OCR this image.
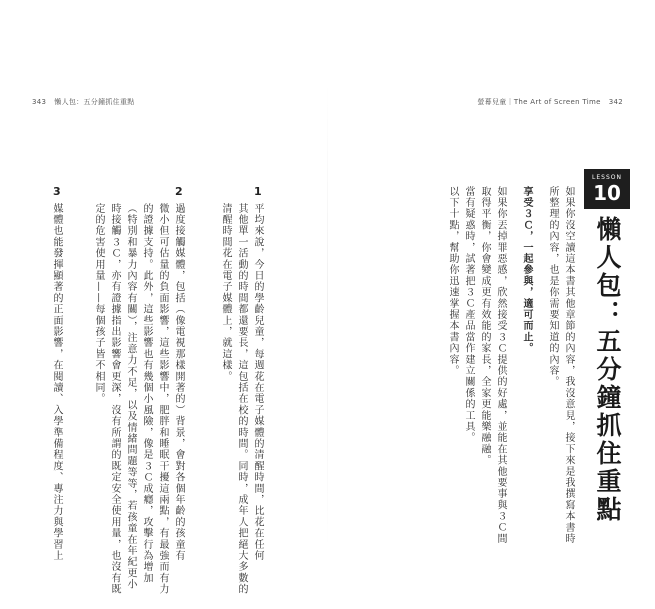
343 懶人包：五分鐘抓住重點	螢幕兒童｜The Art of Screen Time 342
LESSON
10
懶人包：五分鐘抓住重點
如果你沒空讀這本書其他章節的內容，我沒意見，接下來是我撰寫本書時
所整理的內容，也是你需要知道的內容。
享受３Ｃ，一起參與，適可而止。
如果你丟掉罪惡感，欣然接受３Ｃ提供的好處，並能在其他要事與３Ｃ間
取得平衡，你會變成更有效能的家長，全家更能樂融融。
當有疑惑時，試著把３Ｃ產品當作建立關係的工具。
以下十點，幫助你迅速掌握本書內容。
1
平均來說，今日的學齡兒童，每週花在電子媒體的清醒時間，比花在任何
其他單一活動的時間都還要長，這包括在校的時間。同時，成年人把絕大多數的
清醒時間花在電子媒體上，就這樣。
2
過度接觸媒體，包括（像電視那樣開著的）背景，會對各個年齡的孩童有
微小但可估量的負面影響，這些影響中，肥胖和睡眠干擾這兩點，有最強而有力
的證據支持。此外，這些影響也有幾個小風險，像是３Ｃ成癮，攻擊行為增加
（特別和暴力內容有關），注意力不足，以及情緒問題等等，若孩童在年紀更小
時接觸３Ｃ，亦有證據指出影響會更深，沒有所謂的既定安全使用量，也沒有既
定的危害使用量——每個孩子皆不相同。
3
媒體也能發揮顯著的正面影響，在閱讀、入學準備程度、專注力與學習上
